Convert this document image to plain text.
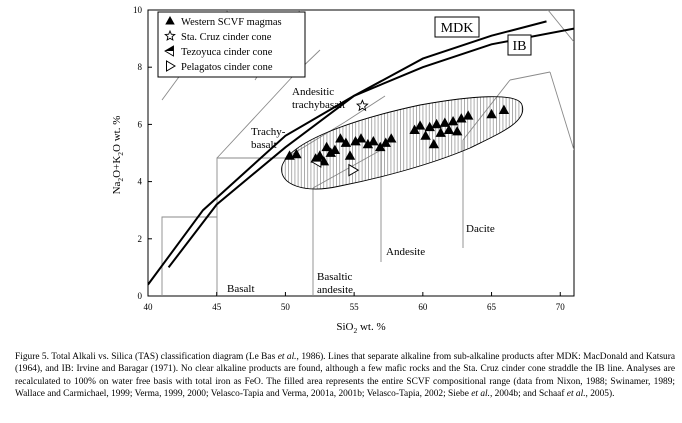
40	45	50	55	60	65	70
0
2
4
6
8
10
MDK
IB
Basalt
Basaltic
andesite
Andesite
Dacite
Trachy-
basalt
Andesitic
trachybasalt
Western SCVF magmas
Sta. Cruz cinder cone
Tezoyuca cinder cone
Pelagatos cinder cone
SiO$_2$ wt. %
$Na_2O+K_2O$ wt. %
Figure 5. Total Alkali vs. Silica (TAS) classification diagram (Le Bas et al., 1986). Lines that separate alkaline from sub-alkaline products after MDK: MacDonald and Katsura (1964), and IB: Irvine and Baragar (1971). No clear alkaline products are found, although a few mafic rocks and the Sta. Cruz cinder cone straddle the IB line. Analyses are recalculated to 100% on water free basis with total iron as FeO. The filled area represents the entire SCVF compositional range (data from Nixon, 1988; Swinamer, 1989; Wallace and Carmichael, 1999; Verma, 1999, 2000; Velasco-Tapia and Verma, 2001a, 2001b; Velasco-Tapia, 2002; Siebe et al., 2004b; and Schaaf et al., 2005).
